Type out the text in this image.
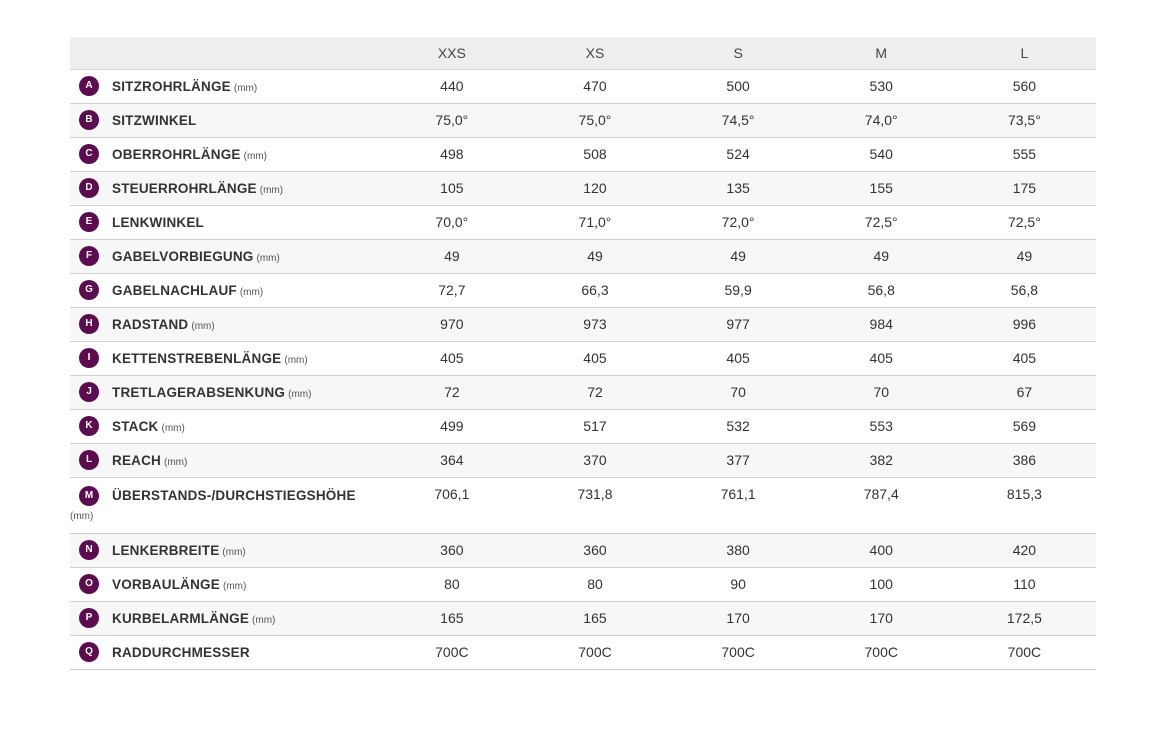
	XXS	XS	S	M	L

A SITZROHRLÄNGE (mm)	440	470	500	530	560

B SITZWINKEL	75,0°	75,0°	74,5°	74,0°	73,5°

C OBERROHRLÄNGE (mm)	498	508	524	540	555

D STEUERROHRLÄNGE (mm)	105	120	135	155	175

E LENKWINKEL	70,0°	71,0°	72,0°	72,5°	72,5°

F GABELVORBIEGUNG (mm)	49	49	49	49	49

G GABELNACHLAUF (mm)	72,7	66,3	59,9	56,8	56,8

H RADSTAND (mm)	970	973	977	984	996

I KETTENSTREBENLÄNGE (mm)	405	405	405	405	405

J TRETLAGERABSENKUNG (mm)	72	72	70	70	67

K STACK (mm)	499	517	532	553	569

L REACH (mm)	364	370	377	382	386

M ÜBERSTANDS-/DURCHSTIEGSHÖHE
(mm)	706,1	731,8	761,1	787,4	815,3

N LENKERBREITE (mm)	360	360	380	400	420

O VORBAULÄNGE (mm)	80	80	90	100	110

P KURBELARMLÄNGE (mm)	165	165	170	170	172,5

Q RADDURCHMESSER	700C	700C	700C	700C	700C
